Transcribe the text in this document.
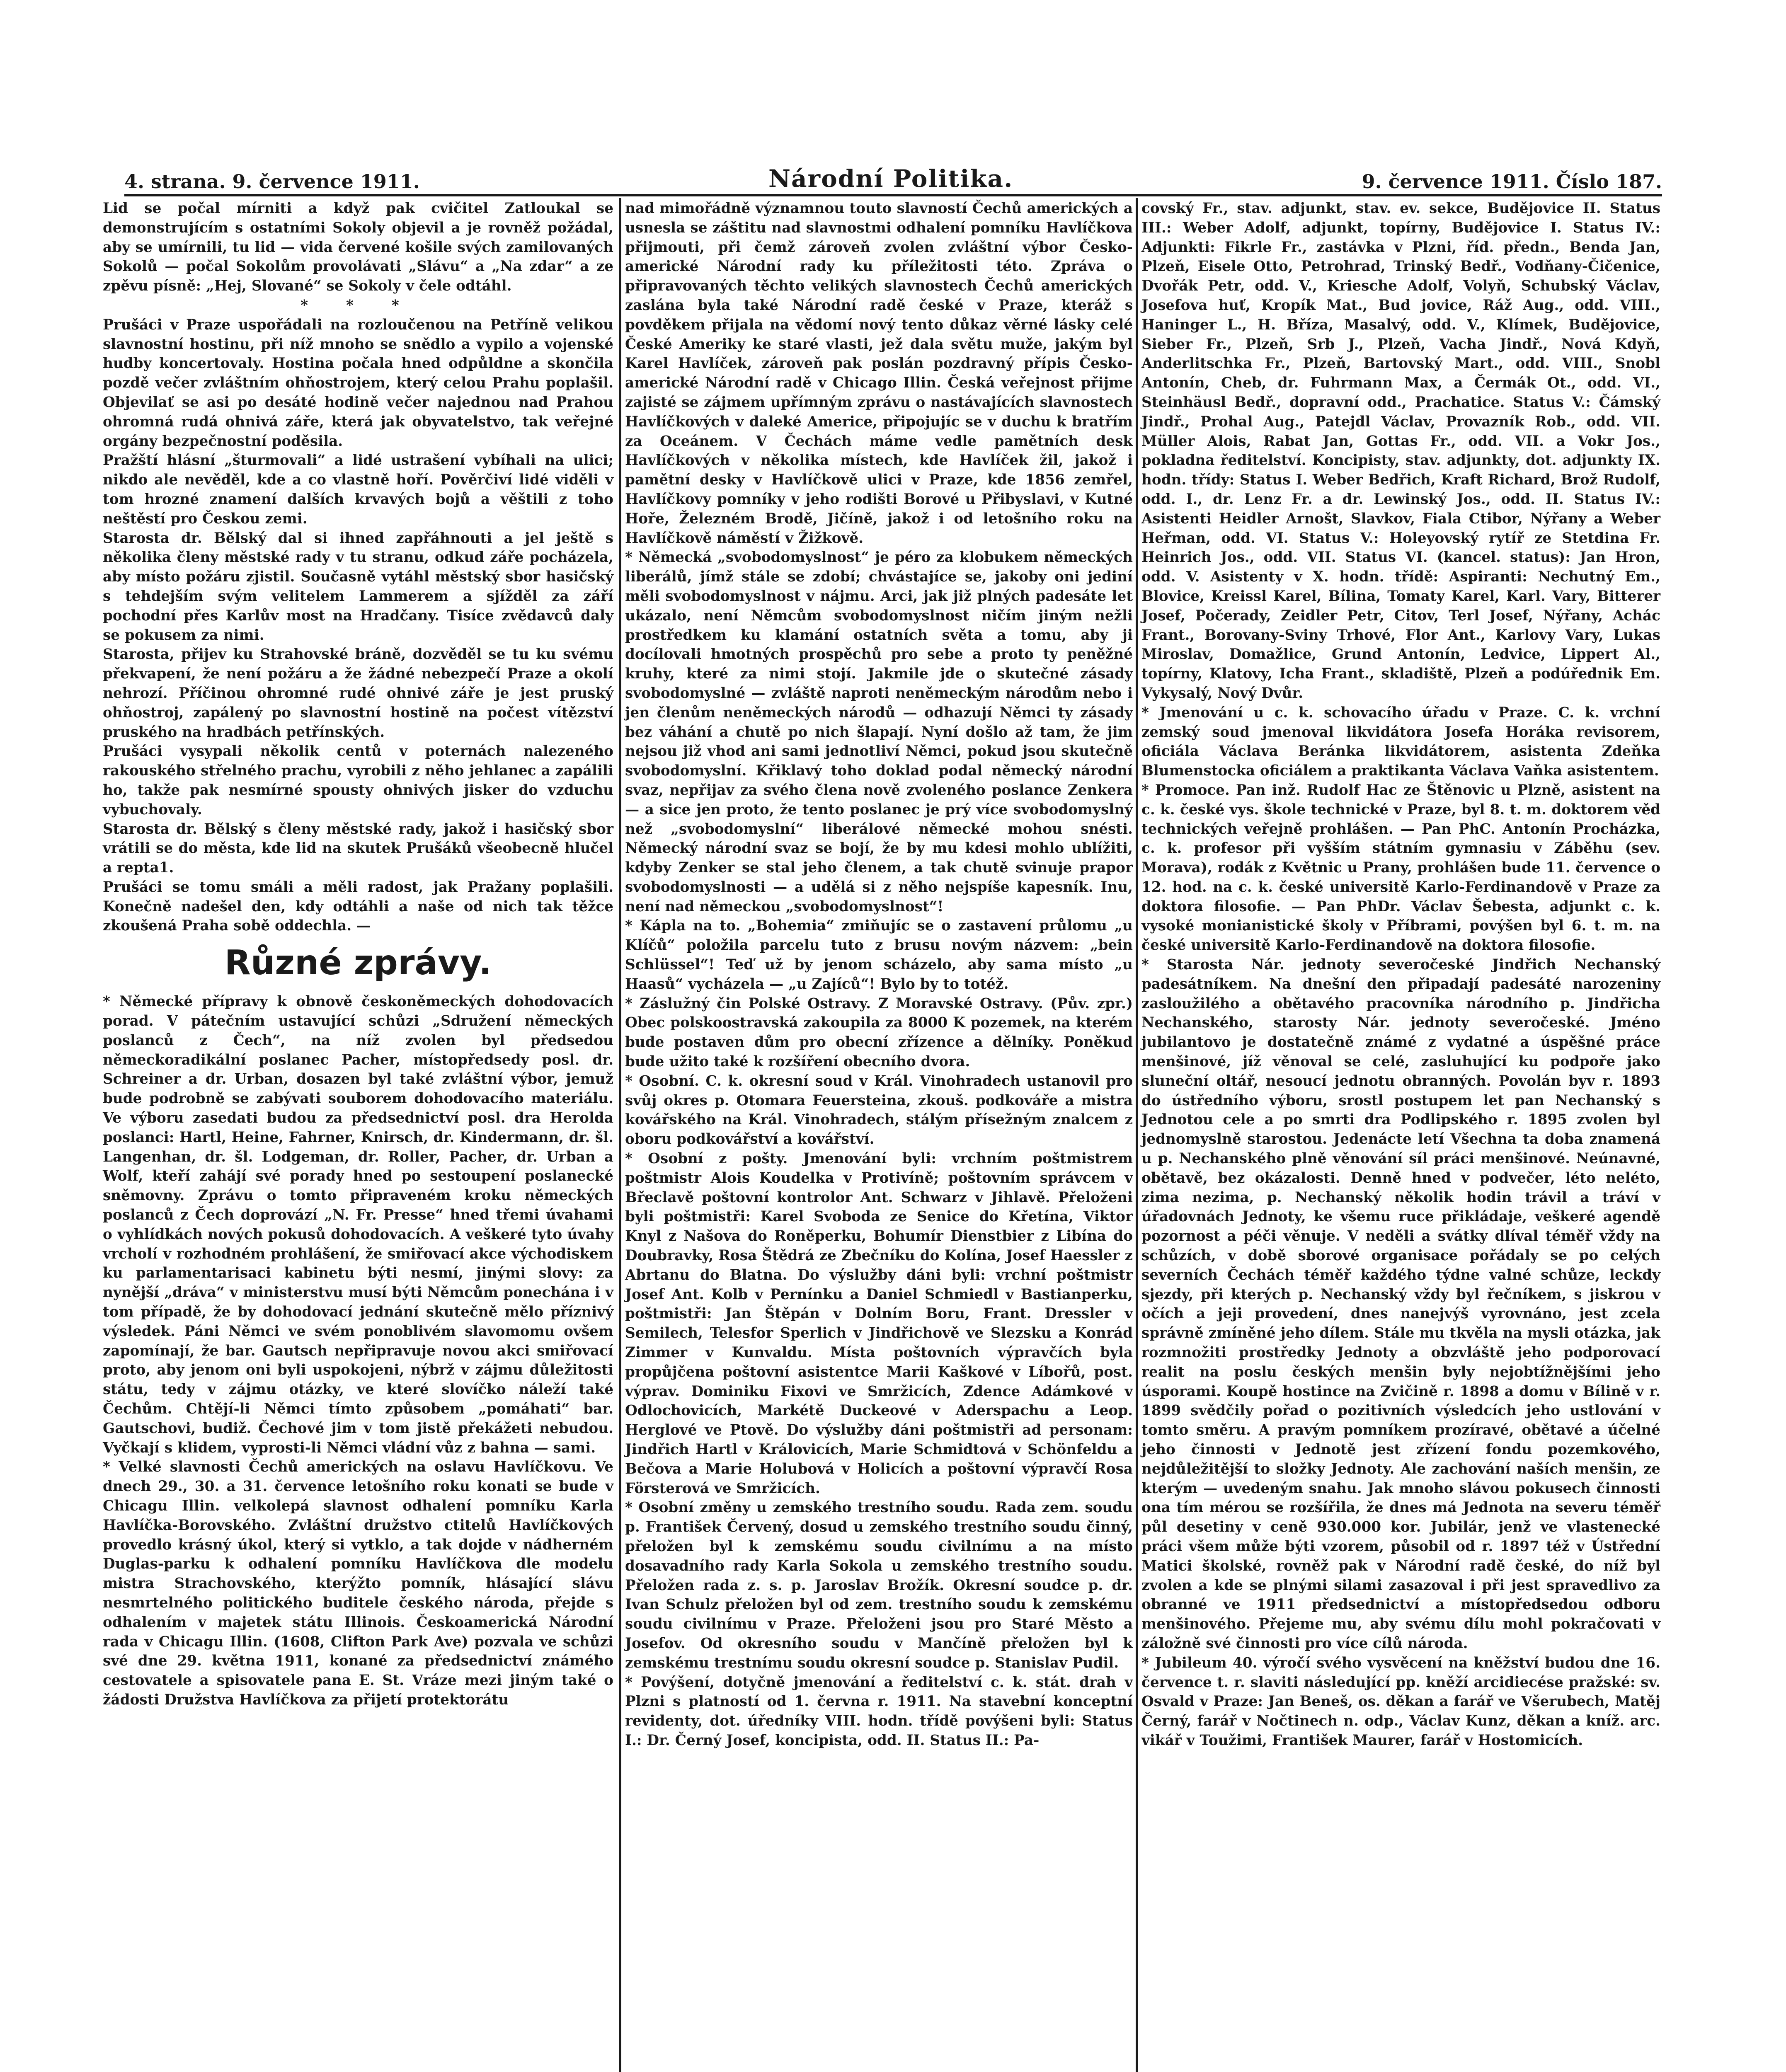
4. strana. 9. července 1911.	Národní Politika.	9. července 1911. Číslo 187.

Lid se počal mírniti a když pak cvičitel Zatloukal se demonstrujícím s ostatními Sokoly objevil a je rovněž požádal, aby se umírnili, tu lid — vida červené košile svých zamilovaných Sokolů — počal Sokolům provolávati „Slávu“ a „Na zdar“ a ze zpěvu písně: „Hej, Slované“ se Sokoly v čele odtáhl.

* * *

Prušáci v Praze uspořádali na rozloučenou na Petříně velikou slavnostní hostinu, při níž mnoho se snědlo a vypilo a vojenské hudby koncertovaly. Hostina počala hned odpůldne a skončila pozdě večer zvláštním ohňostrojem, který celou Prahu poplašil. Objevilať se asi po desáté hodině večer najednou nad Prahou ohromná rudá ohnivá záře, která jak obyvatelstvo, tak veřejné orgány bezpečnostní poděsila.

Pražští hlásní „šturmovali“ a lidé ustrašení vybíhali na ulici; nikdo ale nevěděl, kde a co vlastně hoří. Pověrčiví lidé viděli v tom hrozné znamení dalších krvavých bojů a věštili z toho neštěstí pro Českou zemi.

Starosta dr. Bělský dal si ihned zapřáhnouti a jel ještě s několika členy městské rady v tu stranu, odkud záře pocházela, aby místo požáru zjistil. Současně vytáhl městský sbor hasičský s tehdejším svým velitelem Lammerem a sjížděl za září pochodní přes Karlův most na Hradčany. Tisíce zvědavců daly se pokusem za nimi.

Starosta, přijev ku Strahovské bráně, dozvěděl se tu ku svému překvapení, že není požáru a že žádné nebezpečí Praze a okolí nehrozí. Příčinou ohromné rudé ohnivé záře je jest pruský ohňostroj, zapálený po slavnostní hostině na počest vítězství pruského na hradbách petřínských.

Prušáci vysypali několik centů v poternách nalezeného rakouského střelného prachu, vyrobili z něho jehlanec a zapálili ho, takže pak nesmírné spousty ohnivých jisker do vzduchu vybuchovaly.

Starosta dr. Bělský s členy městské rady, jakož i hasičský sbor vrátili se do města, kde lid na skutek Prušáků všeobecně hlučel a repta1.

Prušáci se tomu smáli a měli radost, jak Pražany poplašili. Konečně nadešel den, kdy odtáhli a naše od nich tak těžce zkoušená Praha sobě oddechla. —

Různé zprávy.

* Německé přípravy k obnově českoněmeckých dohodovacích porad. V pátečním ustavující schůzi „Sdružení německých poslanců z Čech“, na níž zvolen byl předsedou německoradikální poslanec Pacher, místopředsedy posl. dr. Schreiner a dr. Urban, dosazen byl také zvláštní výbor, jemuž bude podrobně se zabývati souborem dohodovacího materiálu. Ve výboru zasedati budou za předsednictví posl. dra Herolda poslanci: Hartl, Heine, Fahrner, Knirsch, dr. Kindermann, dr. šl. Langenhan, dr. šl. Lodgeman, dr. Roller, Pacher, dr. Urban a Wolf, kteří zahájí své porady hned po sestoupení poslanecké sněmovny. Zprávu o tomto připraveném kroku německých poslanců z Čech doprovází „N. Fr. Presse“ hned třemi úvahami o vyhlídkách nových pokusů dohodovacích. A veškeré tyto úvahy vrcholí v rozhodném prohlášení, že smiřovací akce východiskem ku parlamentarisaci kabinetu býti nesmí, jinými slovy: za nynější „dráva“ v ministerstvu musí býti Němcům ponechána i v tom případě, že by dohodovací jednání skutečně mělo příznivý výsledek. Páni Němci ve svém ponoblivém slavomomu ovšem zapomínají, že bar. Gautsch nepřipravuje novou akci smiřovací proto, aby jenom oni byli uspokojeni, nýbrž v zájmu důležitosti státu, tedy v zájmu otázky, ve které slovíčko náleží také Čechům. Chtějí-li Němci tímto způsobem „pomáhati“ bar. Gautschovi, budiž. Čechové jim v tom jistě překážeti nebudou. Vyčkají s klidem, vyprosti-li Němci vládní vůz z bahna — sami.

* Velké slavnosti Čechů amerických na oslavu Havlíčkovu. Ve dnech 29., 30. a 31. července letošního roku konati se bude v Chicagu Illin. velkolepá slavnost odhalení pomníku Karla Havlíčka-Borovského. Zvláštní družstvo ctitelů Havlíčkových provedlo krásný úkol, který si vytklo, a tak dojde v nádherném Duglas-parku k odhalení pomníku Havlíčkova dle modelu mistra Strachovského, kterýžto pomník, hlásající slávu nesmrtelného politického buditele českého národa, přejde s odhalením v majetek státu Illinois. Českoamerická Národní rada v Chicagu Illin. (1608, Clifton Park Ave) pozvala ve schůzi své dne 29. května 1911, konané za předsednictví známého cestovatele a spisovatele pana E. St. Vráze mezi jiným také o žádosti Družstva Havlíčkova za přijetí protektorátu

nad mimořádně významnou touto slavností Čechů amerických a usnesla se záštitu nad slavnostmi odhalení pomníku Havlíčkova přijmouti, při čemž zároveň zvolen zvláštní výbor Česko-americké Národní rady ku příležitosti této. Zpráva o připravovaných těchto velikých slavnostech Čechů amerických zaslána byla také Národní radě české v Praze, kteráž s povděkem přijala na vědomí nový tento důkaz věrné lásky celé České Ameriky ke staré vlasti, jež dala světu muže, jakým byl Karel Havlíček, zároveň pak poslán pozdravný přípis Česko-americké Národní radě v Chicago Illin. Česká veřejnost přijme zajisté se zájmem upřímným zprávu o nastávajících slavnostech Havlíčkových v daleké Americe, připojujíc se v duchu k bratřím za Oceánem. V Čechách máme vedle pamětních desk Havlíčkových v několika místech, kde Havlíček žil, jakož i pamětní desky v Havlíčkově ulici v Praze, kde 1856 zemřel, Havlíčkovy pomníky v jeho rodišti Borové u Přibyslavi, v Kutné Hoře, Železném Brodě, Jičíně, jakož i od letošního roku na Havlíčkově náměstí v Žižkově.

* Německá „svobodomyslnost“ je péro za klobukem německých liberálů, jímž stále se zdobí; chvástajíce se, jakoby oni jediní měli svobodomyslnost v nájmu. Arci, jak již plných padesáte let ukázalo, není Němcům svobodomyslnost ničím jiným nežli prostředkem ku klamání ostatních světa a tomu, aby ji docílovali hmotných prospěchů pro sebe a proto ty peněžné kruhy, které za nimi stojí. Jakmile jde o skutečné zásady svobodomyslné — zvláště naproti neněmeckým národům nebo i jen členům neněmeckých národů — odhazují Němci ty zásady bez váhání a chutě po nich šlapají. Nyní došlo až tam, že jim nejsou již vhod ani sami jednotliví Němci, pokud jsou skutečně svobodomyslní. Křiklavý toho doklad podal německý národní svaz, nepřijav za svého člena nově zvoleného poslance Zenkera — a sice jen proto, že tento poslanec je prý více svobodomyslný než „svobodomyslní“ liberálové německé mohou snésti. Německý národní svaz se bojí, že by mu kdesi mohlo ublížiti, kdyby Zenker se stal jeho členem, a tak chutě svinuje prapor svobodomyslnosti — a udělá si z něho nejspíše kapesník. Inu, není nad německou „svobodomyslnost“!

* Kápla na to. „Bohemia“ zmiňujíc se o zastavení průlomu „u Klíčů“ položila parcelu tuto z brusu novým názvem: „bein Schlüssel“! Teď už by jenom scházelo, aby sama místo „u Haasů“ vycházela — „u Zajíců“! Bylo by to totéž.

* Záslužný čin Polské Ostravy. Z Moravské Ostravy. (Pův. zpr.) Obec polskoostravská zakoupila za 8000 K pozemek, na kterém bude postaven dům pro obecní zřízence a dělníky. Poněkud bude užito také k rozšíření obecního dvora.

* Osobní. C. k. okresní soud v Král. Vinohradech ustanovil pro svůj okres p. Otomara Feuersteina, zkouš. podkováře a mistra kovářského na Král. Vinohradech, stálým přísežným znalcem z oboru podkovářství a kovářství.

* Osobní z pošty. Jmenování byli: vrchním poštmistrem poštmistr Alois Koudelka v Protivíně; poštovním správcem v Břeclavě poštovní kontrolor Ant. Schwarz v Jihlavě. Přeloženi byli poštmistři: Karel Svoboda ze Senice do Křetína, Viktor Knyl z Našova do Roněperku, Bohumír Dienstbier z Libína do Doubravky, Rosa Štědrá ze Zbečníku do Kolína, Josef Haessler z Abrtanu do Blatna. Do výslužby dáni byli: vrchní poštmistr Josef Ant. Kolb v Pernínku a Daniel Schmiedl v Bastianperku, poštmistři: Jan Štěpán v Dolním Boru, Frant. Dressler v Semilech, Telesfor Sperlich v Jindřichově ve Slezsku a Konrád Zimmer v Kunvaldu. Místa poštovních výpravčích byla propůjčena poštovní asistentce Marii Kaškové v Líbořů, post. výprav. Dominiku Fixovi ve Smržicích, Zdence Adámkové v Odlochovicích, Markétě Duckeové v Aderspachu a Leop. Herglové ve Ptově. Do výslužby dáni poštmistři ad personam: Jindřich Hartl v Královicích, Marie Schmidtová v Schönfeldu a Bečova a Marie Holubová v Holicích a poštovní výpravčí Rosa Försterová ve Smržicích.

* Osobní změny u zemského trestního soudu. Rada zem. soudu p. František Červený, dosud u zemského trestního soudu činný, přeložen byl k zemskému soudu civilnímu a na místo dosavadního rady Karla Sokola u zemského trestního soudu. Přeložen rada z. s. p. Jaroslav Brožík. Okresní soudce p. dr. Ivan Schulz přeložen byl od zem. trestního soudu k zemskému soudu civilnímu v Praze. Přeloženi jsou pro Staré Město a Josefov. Od okresního soudu v Mančíně přeložen byl k zemskému trestnímu soudu okresní soudce p. Stanislav Pudil.

* Povýšení, dotyčně jmenování a ředitelství c. k. stát. drah v Plzni s platností od 1. června r. 1911. Na stavební konceptní revidenty, dot. úředníky VIII. hodn. třídě povýšeni byli: Status I.: Dr. Černý Josef, koncipista, odd. II. Status II.: Pa-

covský Fr., stav. adjunkt, stav. ev. sekce, Budějovice II. Status III.: Weber Adolf, adjunkt, topírny, Budějovice I. Status IV.: Adjunkti: Fikrle Fr., zastávka v Plzni, říd. předn., Benda Jan, Plzeň, Eisele Otto, Petrohrad, Trinský Bedř., Vodňany-Čičenice, Dvořák Petr, odd. V., Kriesche Adolf, Volyň, Schubský Václav, Josefova huť, Kropík Mat., Bud jovice, Ráž Aug., odd. VIII., Haninger L., H. Bříza, Masalvý, odd. V., Klímek, Budějovice, Sieber Fr., Plzeň, Srb J., Plzeň, Vacha Jindř., Nová Kdyň, Anderlitschka Fr., Plzeň, Bartovský Mart., odd. VIII., Snobl Antonín, Cheb, dr. Fuhrmann Max, a Čermák Ot., odd. VI., Steinhäusl Bedř., dopravní odd., Prachatice. Status V.: Čámský Jindř., Prohal Aug., Patejdl Václav, Provazník Rob., odd. VII. Müller Alois, Rabat Jan, Gottas Fr., odd. VII. a Vokr Jos., pokladna ředitelství. Koncipisty, stav. adjunkty, dot. adjunkty IX. hodn. třídy: Status I. Weber Bedřich, Kraft Richard, Brož Rudolf, odd. I., dr. Lenz Fr. a dr. Lewinský Jos., odd. II. Status IV.: Asistenti Heidler Arnošt, Slavkov, Fiala Ctibor, Nýřany a Weber Heřman, odd. VI. Status V.: Holeyovský rytíř ze Stetdina Fr. Heinrich Jos., odd. VII. Status VI. (kancel. status): Jan Hron, odd. V. Asistenty v X. hodn. třídě: Aspiranti: Nechutný Em., Blovice, Kreissl Karel, Bílina, Tomaty Karel, Karl. Vary, Bitterer Josef, Počerady, Zeidler Petr, Citov, Terl Josef, Nýřany, Achác Frant., Borovany-Sviny Trhové, Flor Ant., Karlovy Vary, Lukas Miroslav, Domažlice, Grund Antonín, Ledvice, Lippert Al., topírny, Klatovy, Icha Frant., skladiště, Plzeň a podúřednik Em. Vykysalý, Nový Dvůr.

* Jmenování u c. k. schovacího úřadu v Praze. C. k. vrchní zemský soud jmenoval likvidátora Josefa Horáka revisorem, oficiála Václava Beránka likvidátorem, asistenta Zdeňka Blumenstocka oficiálem a praktikanta Václava Vaňka asistentem.

* Promoce. Pan inž. Rudolf Hac ze Štěnovic u Plzně, asistent na c. k. české vys. škole technické v Praze, byl 8. t. m. doktorem věd technických veřejně prohlášen. — Pan PhC. Antonín Procházka, c. k. profesor při vyšším státním gymnasiu v Záběhu (sev. Morava), rodák z Květnic u Prany, prohlášen bude 11. července o 12. hod. na c. k. české universitě Karlo-Ferdinandově v Praze za doktora filosofie. — Pan PhDr. Václav Šebesta, adjunkt c. k. vysoké monianistické školy v Příbrami, povýšen byl 6. t. m. na české universitě Karlo-Ferdinandově na doktora filosofie.

* Starosta Nár. jednoty severočeské Jindřich Nechanský padesátníkem. Na dnešní den připadají padesáté narozeniny zasloužilého a obětavého pracovníka národního p. Jindřicha Nechanského, starosty Nár. jednoty severočeské. Jméno jubilantovo je dostatečně známé z vydatné a úspěšné práce menšinové, jíž věnoval se celé, zasluhující ku podpoře jako sluneční oltář, nesoucí jednotu obranných. Povolán byv r. 1893 do ústředního výboru, srostl postupem let pan Nechanský s Jednotou cele a po smrti dra Podlipského r. 1895 zvolen byl jednomyslně starostou. Jedenácte letí Všechna ta doba znamená u p. Nechanského plně věnování síl práci menšinové. Neúnavné, obětavě, bez okázalosti. Denně hned v podvečer, léto neléto, zima nezima, p. Nechanský několik hodin trávil a tráví v úřadovnách Jednoty, ke všemu ruce přikládaje, veškeré agendě pozornost a péči věnuje. V neděli a svátky dlíval téměř vždy na schůzích, v době sborové organisace pořádaly se po celých severních Čechách téměř každého týdne valné schůze, leckdy sjezdy, při kterých p. Nechanský vždy byl řečníkem, s jiskrou v očích a jeji provedení, dnes nanejvýš vyrovnáno, jest zcela správně zmíněné jeho dílem. Stále mu tkvěla na mysli otázka, jak rozmnožiti prostředky Jednoty a obzvláště jeho podporovací realit na poslu českých menšin byly nejobtížnějšími jeho úsporami. Koupě hostince na Zvičině r. 1898 a domu v Bílině v r. 1899 svědčily pořad o pozitivních výsledcích jeho ustlování v tomto směru. A pravým pomníkem prozíravé, obětavé a účelné jeho činnosti v Jednotě jest zřízení fondu pozemkového, nejdůležitější to složky Jednoty. Ale zachování naších menšin, ze kterým — uvedeným snahu. Jak mnoho slávou pokusech činnosti ona tím mérou se rozšířila, že dnes má Jednota na severu téměř půl desetiny v ceně 930.000 kor. Jubilár, jenž ve vlastenecké práci všem může býti vzorem, působil od r. 1897 též v Ústřední Matici školské, rovněž pak v Národní radě české, do níž byl zvolen a kde se plnými silami zasazoval i při jest spravedlivo za obranné ve 1911 předsednictví a místopředsedou odboru menšinového. Přejeme mu, aby svému dílu mohl pokračovati v záložně své činnosti pro více cílů národa.

* Jubileum 40. výročí svého vysvěcení na kněžství budou dne 16. července t. r. slaviti následující pp. kněží arcidiecése pražské: sv. Osvald v Praze: Jan Beneš, os. děkan a farář ve Všerubech, Matěj Černý, farář v Nočtinech n. odp., Václav Kunz, děkan a kníž. arc. vikář v Toužimi, František Maurer, farář v Hostomicích.
